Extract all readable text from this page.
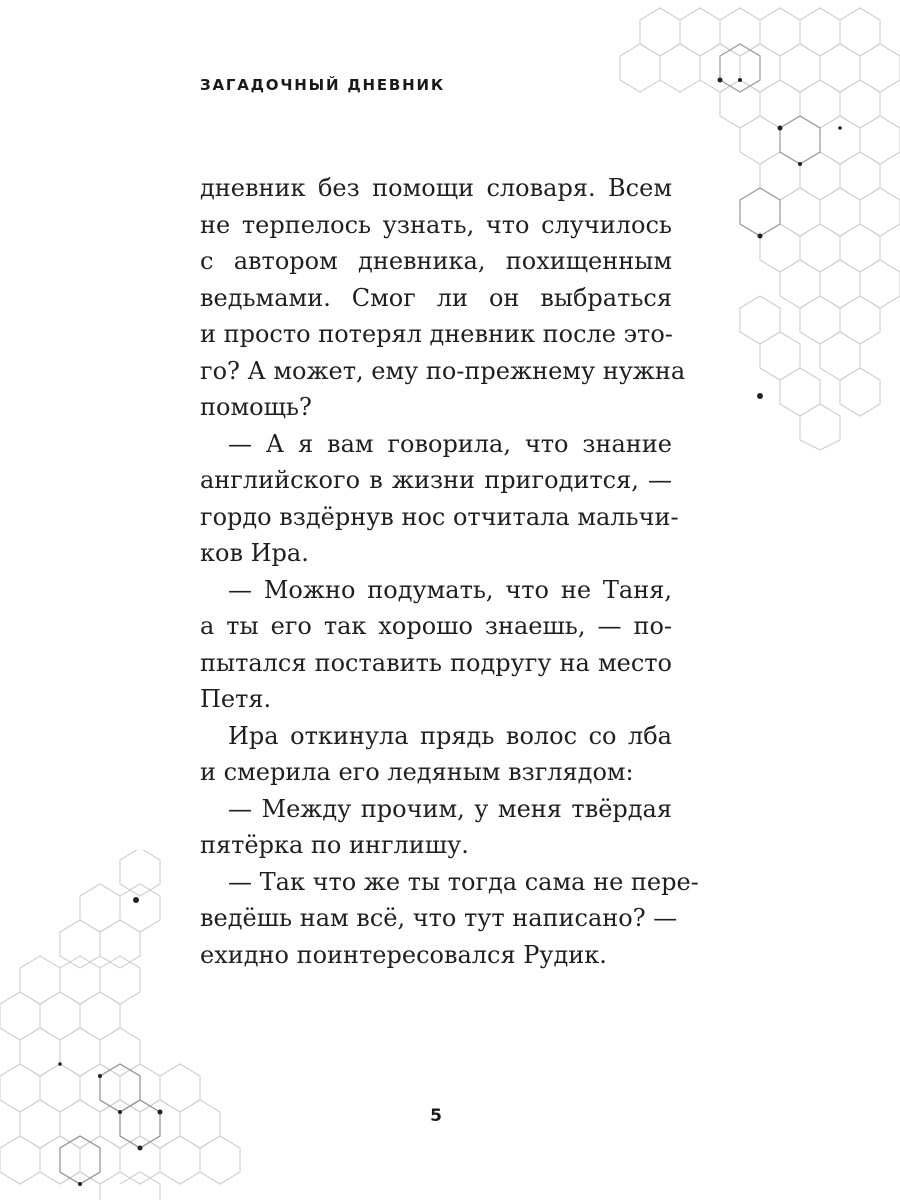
ЗАГАДОЧНЫЙ ДНЕВНИК
дневник без помощи словаря. Всем
не терпелось узнать, что случилось
с автором дневника, похищенным
ведьмами. Смог ли он выбраться
и просто потерял дневник после это-
го? А может, ему по-прежнему нужна
помощь?
— А я вам говорила, что знание
английского в жизни пригодится, —
гордо вздёрнув нос отчитала мальчи-
ков Ира.
— Можно подумать, что не Таня,
а ты его так хорошо знаешь, — по-
пытался поставить подругу на место
Петя.
Ира откинула прядь волос со лба
и смерила его ледяным взглядом:
— Между прочим, у меня твёрдая
пятёрка по инглишу.
— Так что же ты тогда сама не пере-
ведёшь нам всё, что тут написано? —
ехидно поинтересовался Рудик.
5
